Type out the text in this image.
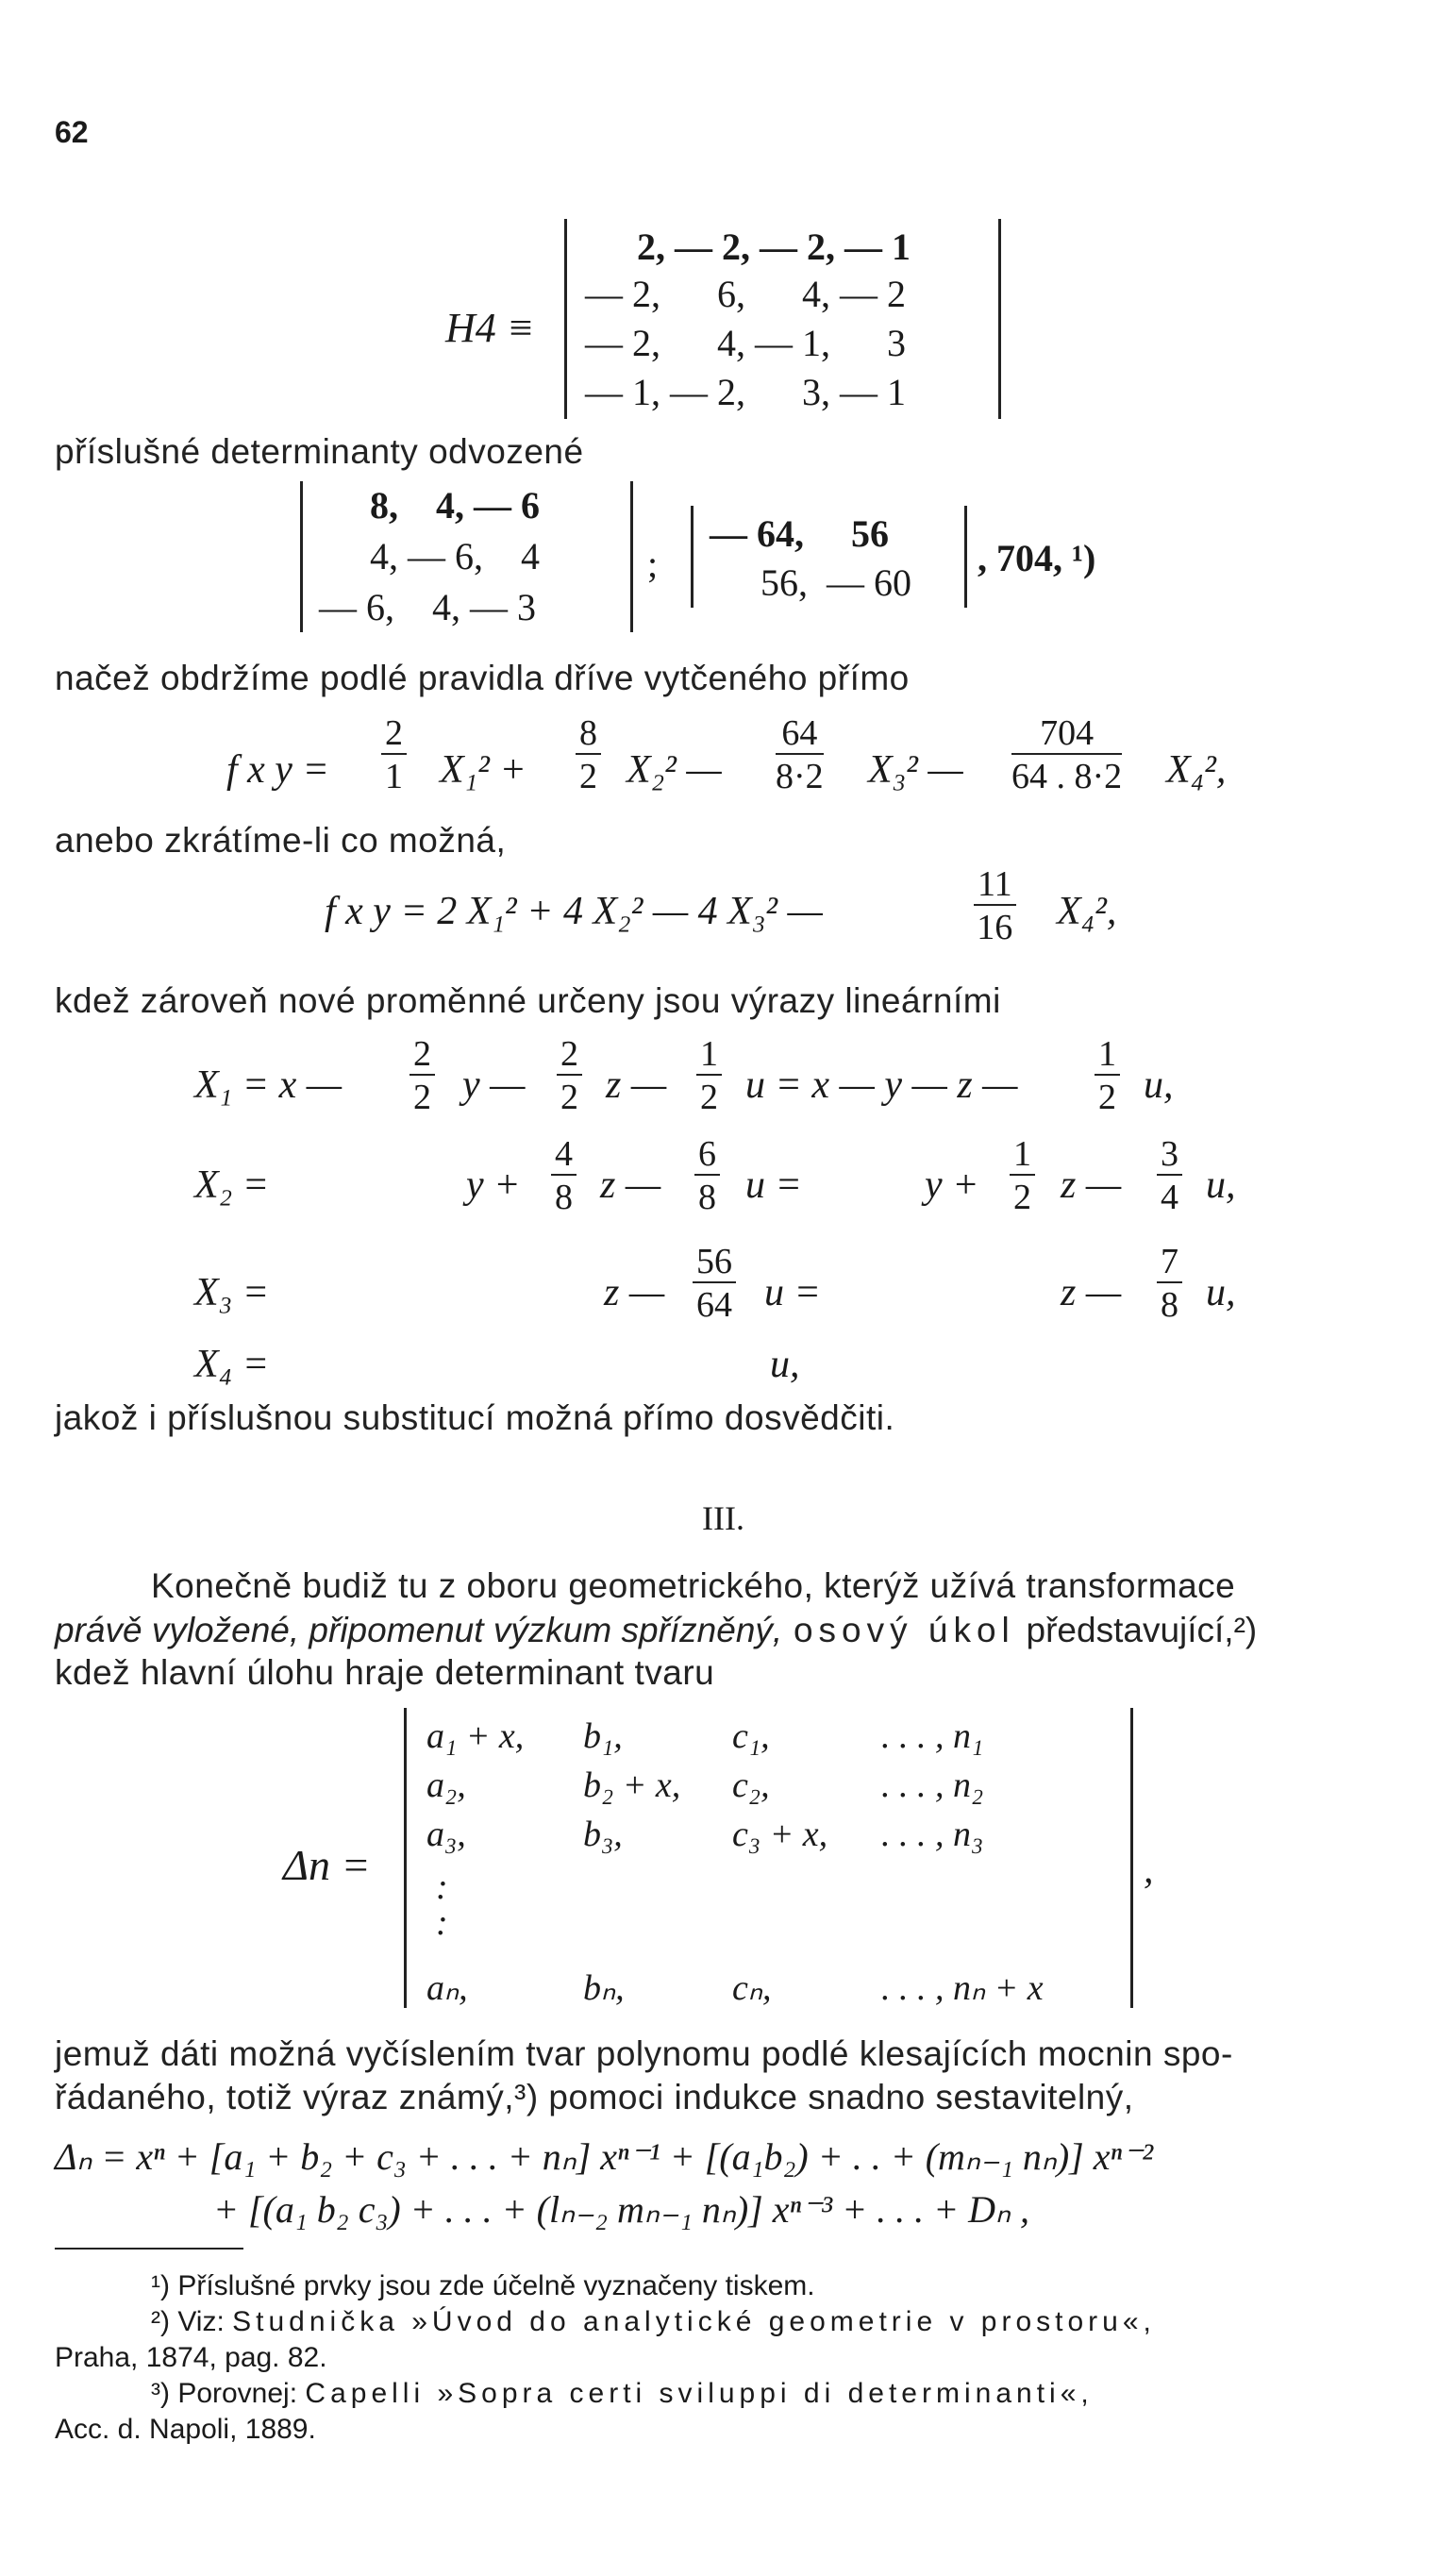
62
H4 ≡
2, — 2, — 2, — 1
— 2,      6,      4, — 2
— 2,      4, — 1,      3
— 1, — 2,      3, — 1
příslušné determinanty odvozené
8,    4, — 6
4, — 6,    4
— 6,    4, — 3
;
— 64,     56
56,  — 60
, 704, ¹)
načež obdržíme podlé pravidla dříve vytčeného přímo
f x $y = \frac{2}{1} X_1^2 + \frac{8}{2} X_2^2$ — $\frac{64}{8\cdot 2} X_3^2$ — $\frac{704}{64 . 8\cdot 2} X_4^2$,
anebo zkrátíme-li co možná,
f x y = 2 X₁² + 4 X₂² — 4 X₃² —	$\frac{11}{16} X_4^2$,
kdež zároveň nové proměnné určeny jsou výrazy lineárními
X₁ = x — $\frac{2}{2}$ y — $\frac{2}{2}$ z — $\frac{1}{2}$ u = x — y — z — $\frac{1}{2} u$,
X₂ =	$y + \frac{4}{8}$ z — $\frac{6}{8}$ u =	$y + \frac{1}{2}$ z — $\frac{3}{4} u$,
X₃ =	z — $\frac{56}{64}$ u =	z — $\frac{7}{8} u$,
X₄ =	u,
jakož i příslušnou substitucí možná přímo dosvědčiti.
III.
Konečně budiž tu z oboru geometrického, kterýž užívá transformace
právě vyložené, připomenut výzkum spřízněný, osový úkol představující,²)
kdež hlavní úlohu hraje determinant tvaru
Δn =	,
a₁ + x, b₁,	c₁,	. . . , n₁
a₂,	b₂ + x, c₂,	. . . , n₂
a₃,	b₃,	c₃ + x, . . . , n₃
:
:
aₙ,	bₙ,	cₙ,	. . . , nₙ + x
jemuž dáti možná vyčíslením tvar polynomu podlé klesajících mocnin spo-
řádaného, totiž výraz známý,³) pomoci indukce snadno sestavitelný,
Δₙ = xⁿ + [a₁ + b₂ + c₃ + . . . + nₙ] xⁿ⁻¹ + [(a₁b₂) + . . + (mₙ₋₁ nₙ)] xⁿ⁻²
+ [(a₁ b₂ c₃) + . . . + (lₙ₋₂ mₙ₋₁ nₙ)] xⁿ⁻³ + . . . + Dₙ ,
¹) Příslušné prvky jsou zde účelně vyznačeny tiskem.
²) Viz: Studnička »Úvod do analytické geometrie v prostoru«,
Praha, 1874, pag. 82.
³) Porovnej: Capelli »Sopra certi sviluppi di determinanti«,
Acc. d. Napoli, 1889.
